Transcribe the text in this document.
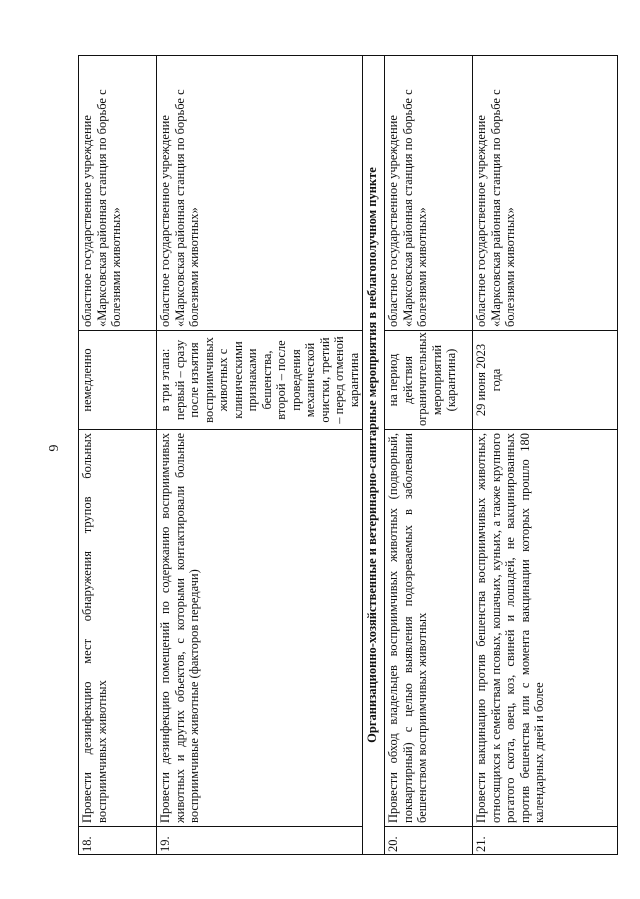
6
18.	Провести дезинфекцию мест обнаружения трупов больных восприимчивых животных	немедленно	областное государственное учреждение «Марксовская районная станция по борьбе с болезнями животных»
19.	Провести дезинфекцию помещений по содержанию восприимчивых животных и других объектов, с которыми контактировали больные восприимчивые животные (факторов передачи)	в три этапа: первый – сразу после изъятия восприимчивых животных с клиническими признаками бешенства, второй – после проведения механической очистки, третий – перед отменой карантина	областное государственное учреждение «Марксовская районная станция по борьбе с болезнями животных»
Организационно-хозяйственные и ветеринарно-санитарные мероприятия в неблагополучном пункте			
20.	Провести обход владельцев восприимчивых животных (подворный, поквартирный) с целью выявления подозреваемых в заболевании бешенством восприимчивых животных	на период действия ограничительных мероприятий (карантина)	областное государственное учреждение «Марксовская районная станция по борьбе с болезнями животных»
21.	Провести вакцинацию против бешенства восприимчивых животных, относящихся к семействам псовых, кошачьих, куньих, а также крупного рогатого скота, овец, коз, свиней и лошадей, не вакцинированных против бешенства или с момента вакцинации которых прошло 180 календарных дней и более	29 июня 2023 года	областное государственное учреждение «Марксовская районная станция по борьбе с болезнями животных»
